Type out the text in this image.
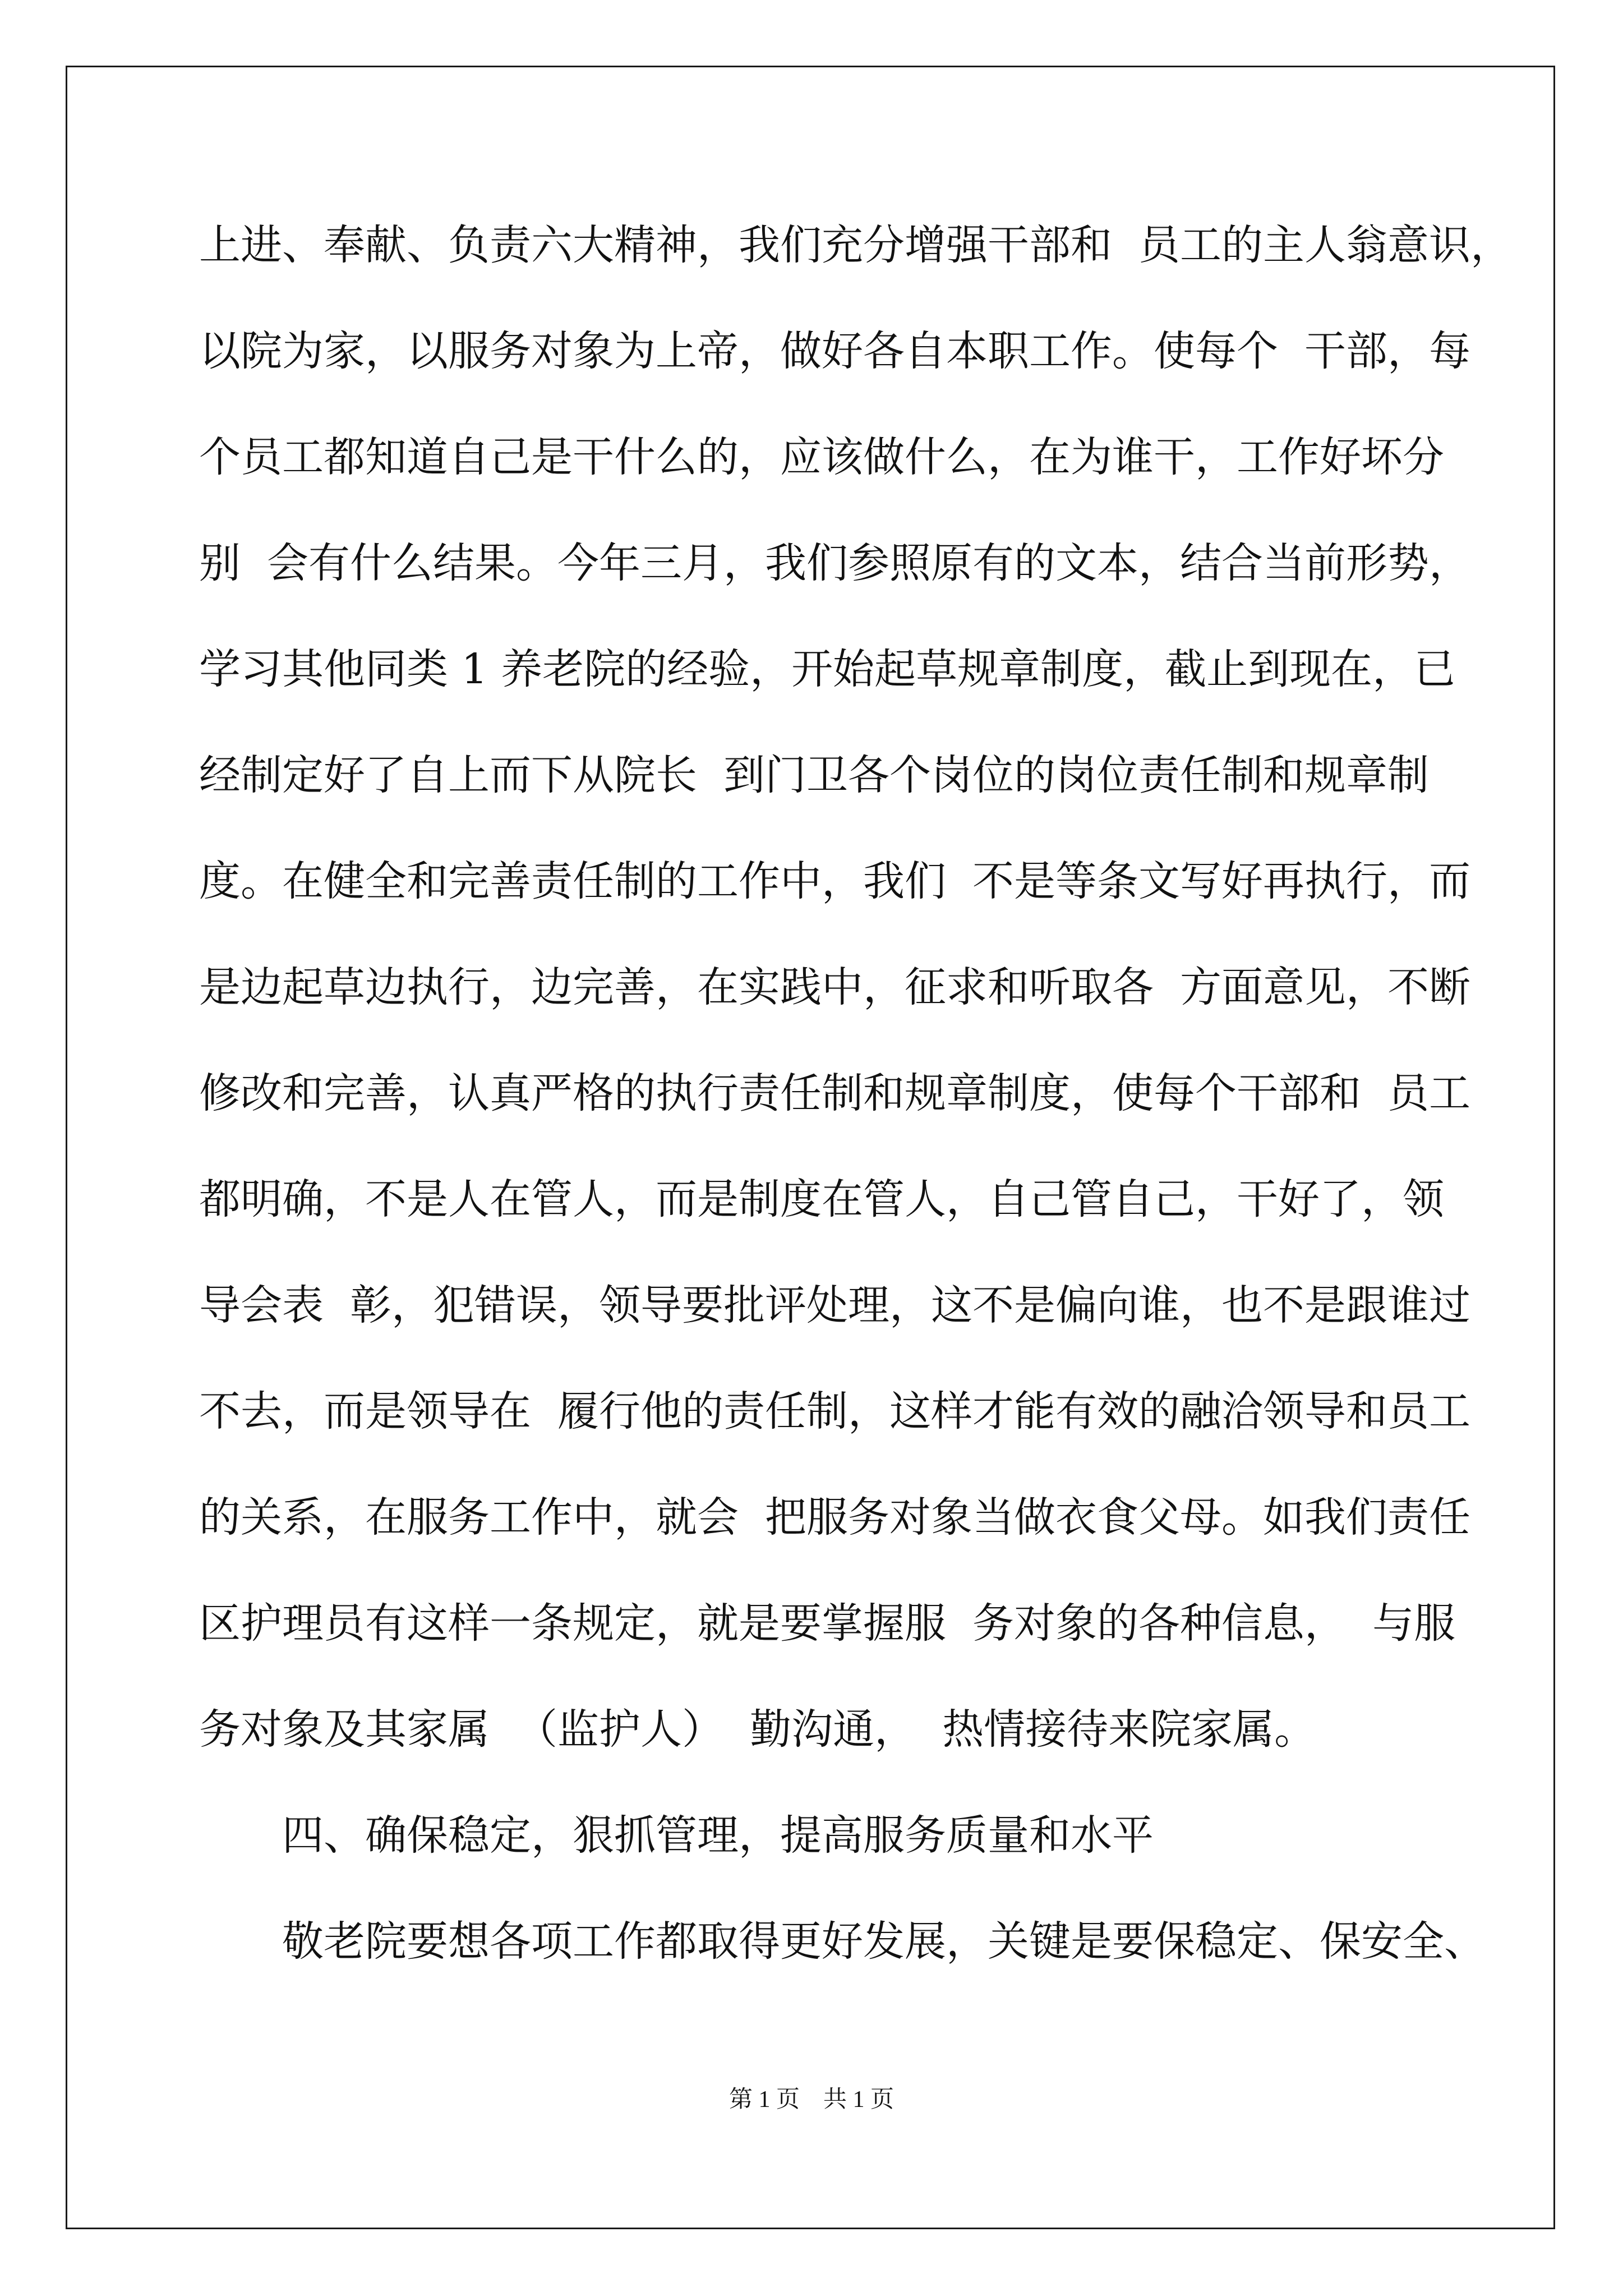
上进、奉献、负责六大精神，我们充分增强干部和  员工的主人翁意识，

以院为家，以服务对象为上帝，做好各自本职工作。使每个  干部，每

个员工都知道自己是干什么的，应该做什么，在为谁干，工作好坏分

别  会有什么结果。今年三月，我们参照原有的文本，结合当前形势，

学习其他同类 1 养老院的经验，开始起草规章制度，截止到现在，已

经制定好了自上而下从院长  到门卫各个岗位的岗位责任制和规章制

度。在健全和完善责任制的工作中，我们  不是等条文写好再执行，而

是边起草边执行，边完善，在实践中，征求和听取各  方面意见，不断

修改和完善，认真严格的执行责任制和规章制度，使每个干部和  员工

都明确，不是人在管人，而是制度在管人，自己管自己，干好了，领

导会表  彰，犯错误，领导要批评处理，这不是偏向谁，也不是跟谁过

不去，而是领导在  履行他的责任制，这样才能有效的融洽领导和员工

的关系，在服务工作中，就会  把服务对象当做衣食父母。如我们责任

区护理员有这样一条规定，就是要掌握服  务对象的各种信息，  与服

务对象及其家属  （监护人）  勤沟通，  热情接待来院家属。

四、确保稳定，狠抓管理，提高服务质量和水平

敬老院要想各项工作都取得更好发展，关键是要保稳定、保安全、

第 1 页    共 1 页
